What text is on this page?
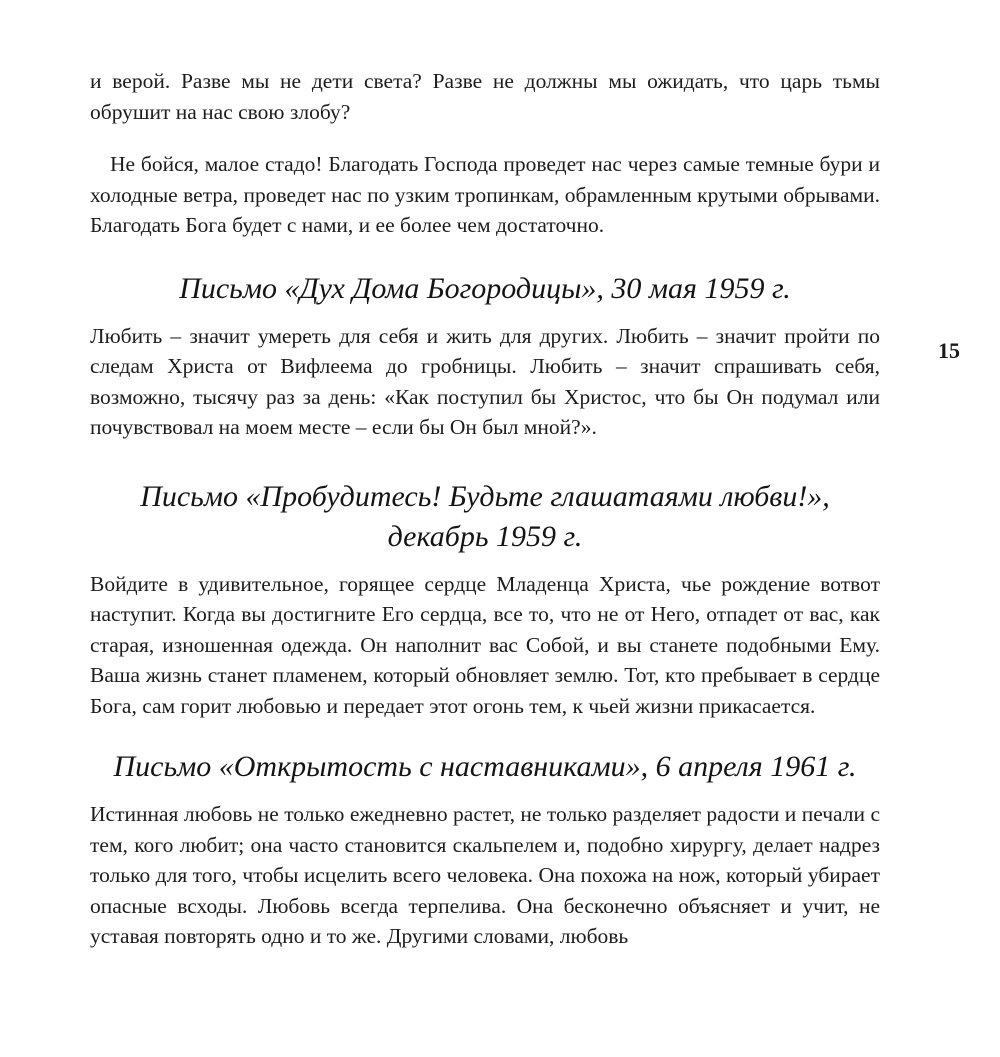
и верой. Разве мы не дети света? Разве не должны мы ожидать, что царь тьмы обрушит на нас свою злобу?

Не бойся, малое стадо! Благодать Господа проведет нас через самые темные бури и холодные ветра, проведет нас по узким тропинкам, обрамленным крутыми обрывами. Благодать Бога будет с нами, и ее более чем достаточно.

Письмо «Дух Дома Богородицы», 30 мая 1959 г.

Любить – значит умереть для себя и жить для других. Любить – значит пройти по следам Христа от Вифлеема до гробницы. Любить – значит спрашивать себя, возможно, тысячу раз за день: «Как поступил бы Христос, что бы Он подумал или почувствовал на моем месте – если бы Он был мной?».

Письмо «Пробудитесь! Будьте глашатаями любви!»,
декабрь 1959 г.

Войдите в удивительное, горящее сердце Младенца Христа, чье рождение вотвот наступит. Когда вы достигните Его сердца, все то, что не от Него, отпадет от вас, как старая, изношенная одежда. Он наполнит вас Собой, и вы станете подобными Ему. Ваша жизнь станет пламенем, который обновляет землю. Тот, кто пребывает в сердце Бога, сам горит любовью и передает этот огонь тем, к чьей жизни прикасается.

Письмо «Открытость с наставниками», 6 апреля 1961 г.

Истинная любовь не только ежедневно растет, не только разделяет радости и печали с тем, кого любит; она часто становится скальпелем и, подобно хирургу, делает надрез только для того, чтобы исцелить всего человека. Она похожа на нож, который убирает опасные всходы. Любовь всегда терпелива. Она бесконечно объясняет и учит, не уставая повторять одно и то же. Другими словами, любовь

15
